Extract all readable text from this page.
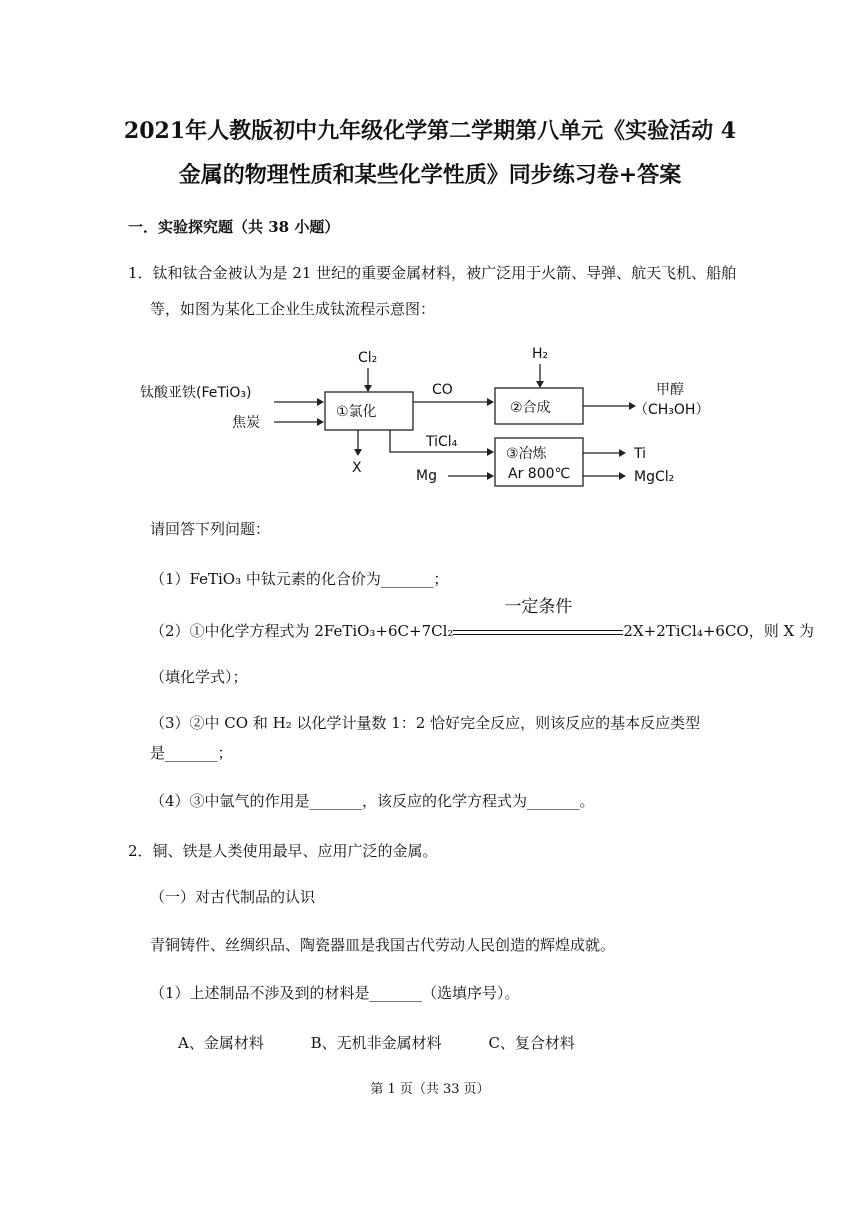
2021年人教版初中九年级化学第二学期第八单元《实验活动 4
金属的物理性质和某些化学性质》同步练习卷+答案
一．实验探究题（共 38 小题）
1．钛和钛合金被认为是 21 世纪的重要金属材料，被广泛用于火箭、导弹、航天飞机、船舶
等，如图为某化工企业生成钛流程示意图：
钛酸亚铁(FeTiO₃)
焦炭
Cl₂
①氯化
X
CO
H₂
②合成
甲醇
（CH₃OH）
TiCl₄
Mg
③冶炼
Ar 800℃
Ti
MgCl₂
请回答下列问题：
（1）FeTiO₃ 中钛元素的化合价为_______；
（2）①中化学方程式为 2FeTiO₃+6C+7Cl₂
一定条件
2X+2TiCl₄+6CO，则 X 为
（填化学式）；
（3）②中 CO 和 H₂ 以化学计量数 1：2 恰好完全反应，则该反应的基本反应类型
是_______；
（4）③中氩气的作用是_______，该反应的化学方程式为_______。
2．铜、铁是人类使用最早、应用广泛的金属。
（一）对古代制品的认识
青铜铸件、丝绸织品、陶瓷器皿是我国古代劳动人民创造的辉煌成就。
（1）上述制品不涉及到的材料是_______（选填序号）。
A、金属材料	B、无机非金属材料	C、复合材料
第 1 页（共 33 页）
